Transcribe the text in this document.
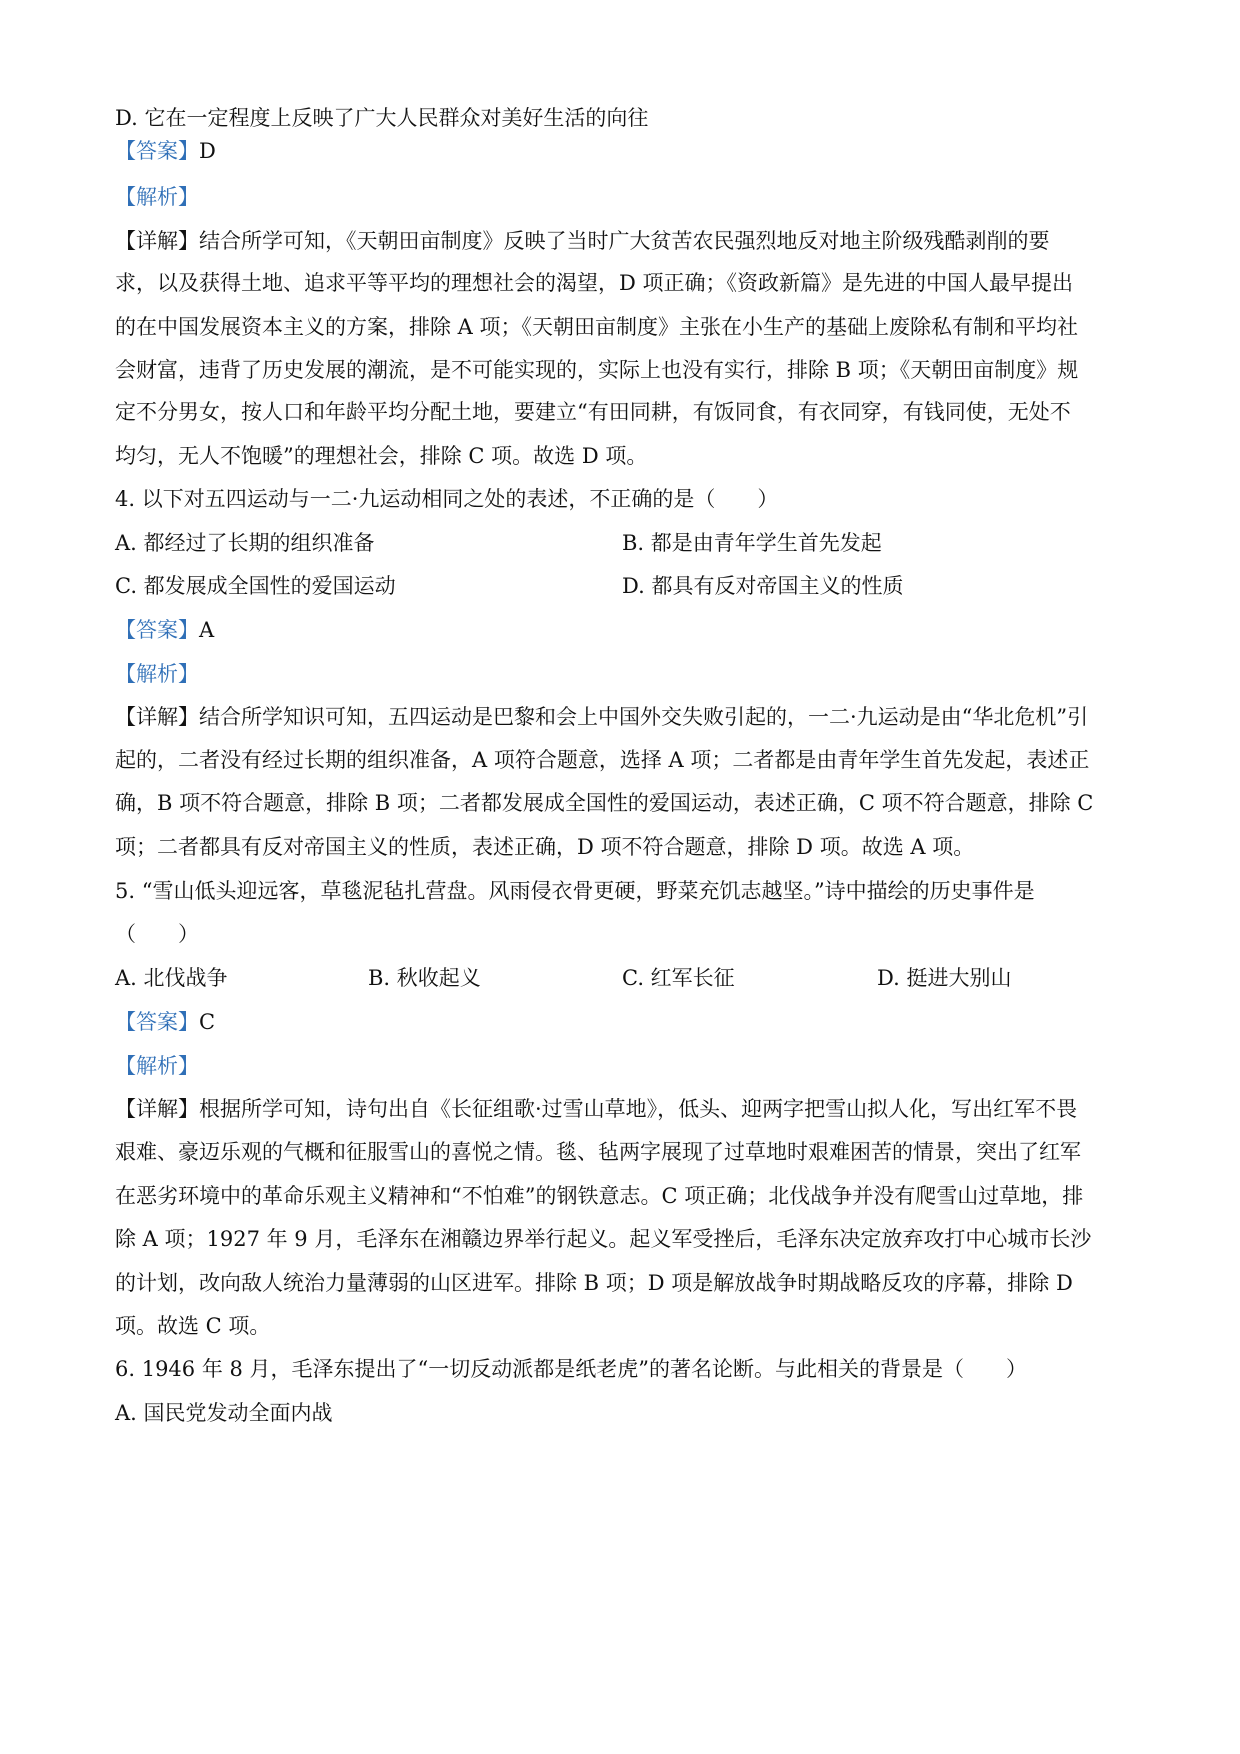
D. 它在一定程度上反映了广大人民群众对美好生活的向往
【答案】D
【解析】
【详解】结合所学可知，《天朝田亩制度》反映了当时广大贫苦农民强烈地反对地主阶级残酷剥削的要
求，以及获得土地、追求平等平均的理想社会的渴望，D 项正确；《资政新篇》是先进的中国人最早提出
的在中国发展资本主义的方案，排除 A 项；《天朝田亩制度》主张在小生产的基础上废除私有制和平均社
会财富，违背了历史发展的潮流，是不可能实现的，实际上也没有实行，排除 B 项；《天朝田亩制度》规
定不分男女，按人口和年龄平均分配土地，要建立“有田同耕，有饭同食，有衣同穿，有钱同使，无处不
均匀，无人不饱暖”的理想社会，排除 C 项。故选 D 项。
4. 以下对五四运动与一二·九运动相同之处的表述，不正确的是（　　）
A. 都经过了长期的组织准备	B. 都是由青年学生首先发起
C. 都发展成全国性的爱国运动	D. 都具有反对帝国主义的性质
【答案】A
【解析】
【详解】结合所学知识可知，五四运动是巴黎和会上中国外交失败引起的，一二·九运动是由“华北危机”引
起的，二者没有经过长期的组织准备，A 项符合题意，选择 A 项；二者都是由青年学生首先发起，表述正
确，B 项不符合题意，排除 B 项；二者都发展成全国性的爱国运动，表述正确，C 项不符合题意，排除 C
项；二者都具有反对帝国主义的性质，表述正确，D 项不符合题意，排除 D 项。故选 A 项。
5. “雪山低头迎远客，草毯泥毡扎营盘。风雨侵衣骨更硬，野菜充饥志越坚。”诗中描绘的历史事件是
（　　）
A. 北伐战争	B. 秋收起义	C. 红军长征	D. 挺进大别山
【答案】C
【解析】
【详解】根据所学可知，诗句出自《长征组歌·过雪山草地》，低头、迎两字把雪山拟人化，写出红军不畏
艰难、豪迈乐观的气概和征服雪山的喜悦之情。毯、毡两字展现了过草地时艰难困苦的情景，突出了红军
在恶劣环境中的革命乐观主义精神和“不怕难”的钢铁意志。C 项正确；北伐战争并没有爬雪山过草地，排
除 A 项；1927 年 9 月，毛泽东在湘赣边界举行起义。起义军受挫后，毛泽东决定放弃攻打中心城市长沙
的计划，改向敌人统治力量薄弱的山区进军。排除 B 项；D 项是解放战争时期战略反攻的序幕，排除 D
项。故选 C 项。
6. 1946 年 8 月，毛泽东提出了“一切反动派都是纸老虎”的著名论断。与此相关的背景是（　　）
A. 国民党发动全面内战
